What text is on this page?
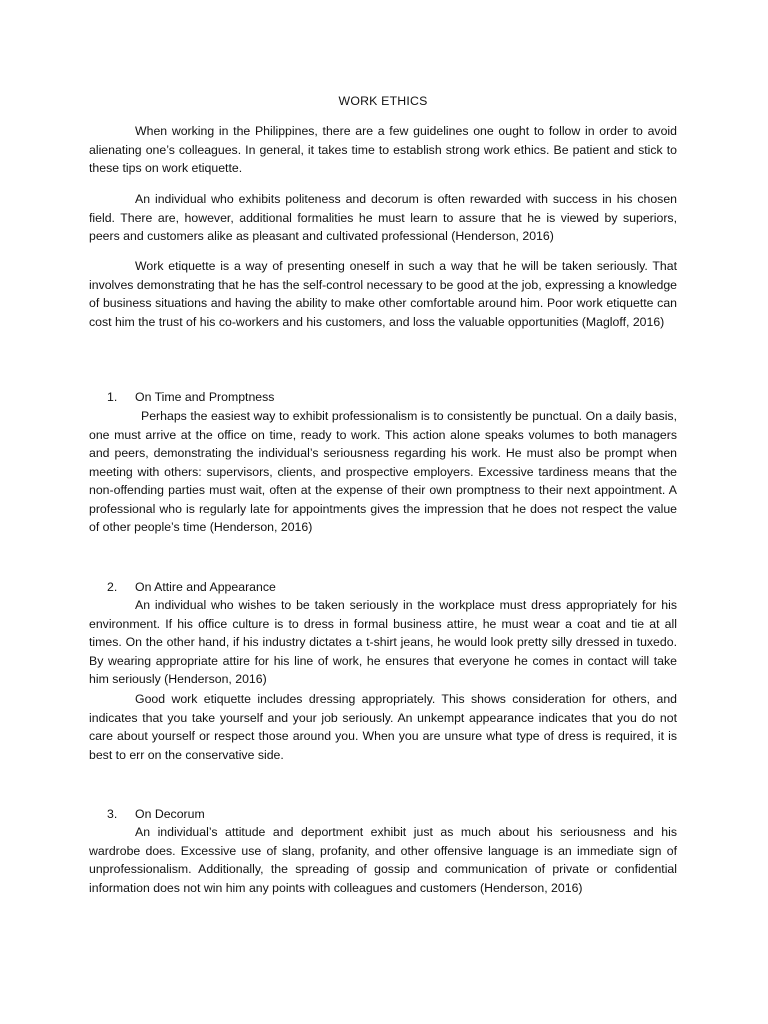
WORK ETHICS

When working in the Philippines, there are a few guidelines one ought to follow in order to avoid alienating one’s colleagues. In general, it takes time to establish strong work ethics. Be patient and stick to these tips on work etiquette.

An individual who exhibits politeness and decorum is often rewarded with success in his chosen field. There are, however, additional formalities he must learn to assure that he is viewed by superiors, peers and customers alike as pleasant and cultivated professional (Henderson, 2016)

Work etiquette is a way of presenting oneself in such a way that he will be taken seriously. That involves demonstrating that he has the self-control necessary to be good at the job, expressing a knowledge of business situations and having the ability to make other comfortable around him. Poor work etiquette can cost him the trust of his co-workers and his customers, and loss the valuable opportunities (Magloff, 2016)

1. On Time and Promptness

Perhaps the easiest way to exhibit professionalism is to consistently be punctual. On a daily basis, one must arrive at the office on time, ready to work. This action alone speaks volumes to both managers and peers, demonstrating the individual’s seriousness regarding his work. He must also be prompt when meeting with others: supervisors, clients, and prospective employers. Excessive tardiness means that the non-offending parties must wait, often at the expense of their own promptness to their next appointment. A professional who is regularly late for appointments gives the impression that he does not respect the value of other people’s time (Henderson, 2016)

2. On Attire and Appearance

An individual who wishes to be taken seriously in the workplace must dress appropriately for his environment. If his office culture is to dress in formal business attire, he must wear a coat and tie at all times. On the other hand, if his industry dictates a t-shirt jeans, he would look pretty silly dressed in tuxedo. By wearing appropriate attire for his line of work, he ensures that everyone he comes in contact will take him seriously (Henderson, 2016)

Good work etiquette includes dressing appropriately. This shows consideration for others, and indicates that you take yourself and your job seriously. An unkempt appearance indicates that you do not care about yourself or respect those around you. When you are unsure what type of dress is required, it is best to err on the conservative side.

3. On Decorum

An individual’s attitude and deportment exhibit just as much about his seriousness and his wardrobe does. Excessive use of slang, profanity, and other offensive language is an immediate sign of unprofessionalism. Additionally, the spreading of gossip and communication of private or confidential information does not win him any points with colleagues and customers (Henderson, 2016)
